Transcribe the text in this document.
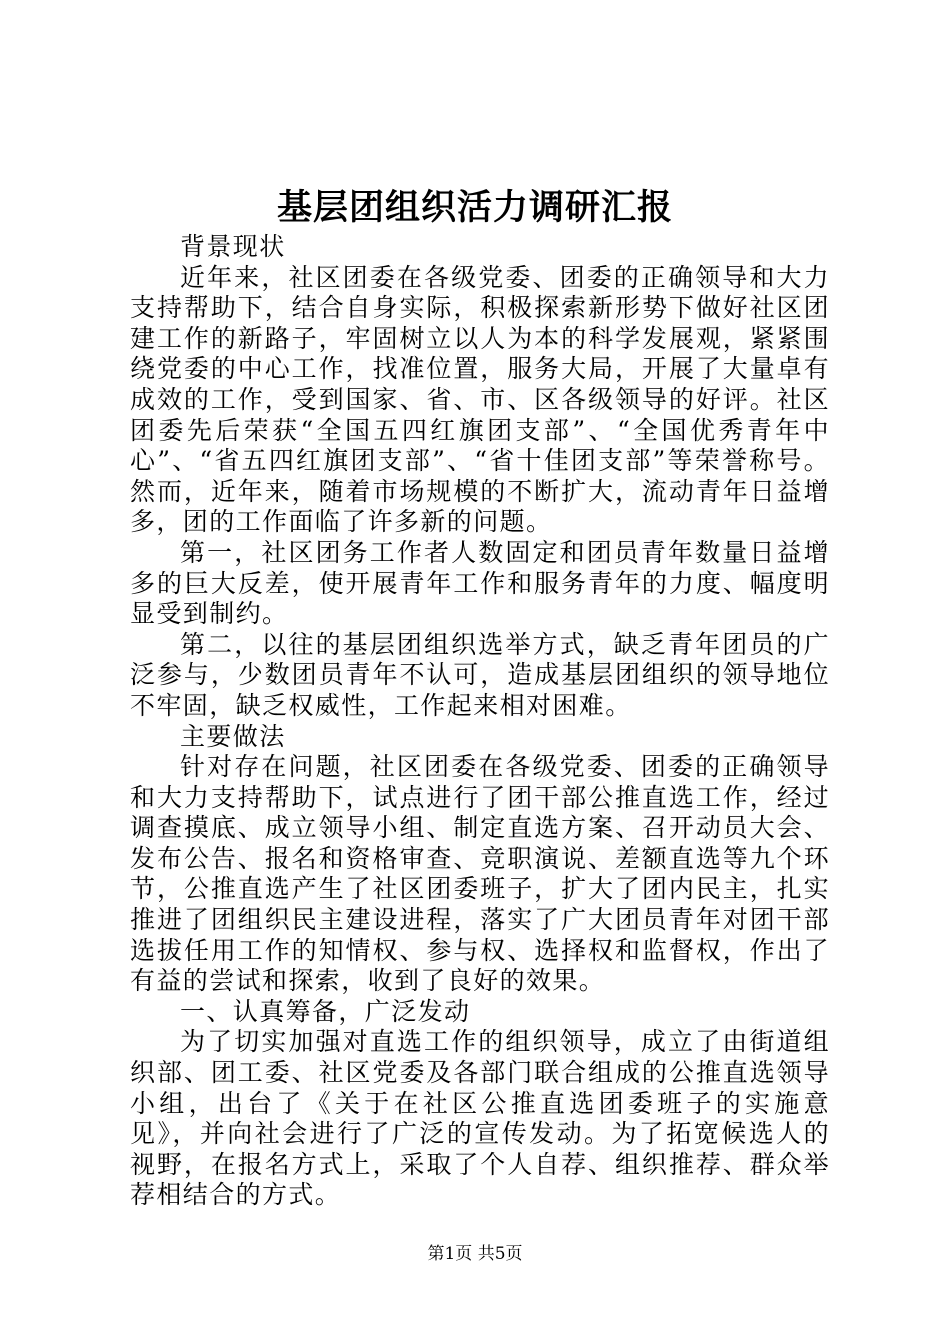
基层团组织活力调研汇报

背景现状

近年来，社区团委在各级党委、团委的正确领导和大力支持帮助下，结合自身实际，积极探索新形势下做好社区团建工作的新路子，牢固树立以人为本的科学发展观，紧紧围绕党委的中心工作，找准位置，服务大局，开展了大量卓有成效的工作，受到国家、省、市、区各级领导的好评。社区团委先后荣获“全国五四红旗团支部”、“全国优秀青年中心”、“省五四红旗团支部”、“省十佳团支部”等荣誉称号。然而，近年来，随着市场规模的不断扩大，流动青年日益增多，团的工作面临了许多新的问题。

第一，社区团务工作者人数固定和团员青年数量日益增多的巨大反差，使开展青年工作和服务青年的力度、幅度明显受到制约。

第二，以往的基层团组织选举方式，缺乏青年团员的广泛参与，少数团员青年不认可，造成基层团组织的领导地位不牢固，缺乏权威性，工作起来相对困难。

主要做法

针对存在问题，社区团委在各级党委、团委的正确领导和大力支持帮助下，试点进行了团干部公推直选工作，经过调查摸底、成立领导小组、制定直选方案、召开动员大会、发布公告、报名和资格审查、竞职演说、差额直选等九个环节，公推直选产生了社区团委班子，扩大了团内民主，扎实推进了团组织民主建设进程，落实了广大团员青年对团干部选拔任用工作的知情权、参与权、选择权和监督权，作出了有益的尝试和探索，收到了良好的效果。

一、认真筹备，广泛发动

为了切实加强对直选工作的组织领导，成立了由街道组织部、团工委、社区党委及各部门联合组成的公推直选领导小组，出台了《关于在社区公推直选团委班子的实施意见》，并向社会进行了广泛的宣传发动。为了拓宽候选人的视野，在报名方式上，采取了个人自荐、组织推荐、群众举荐相结合的方式。

第1页 共5页
